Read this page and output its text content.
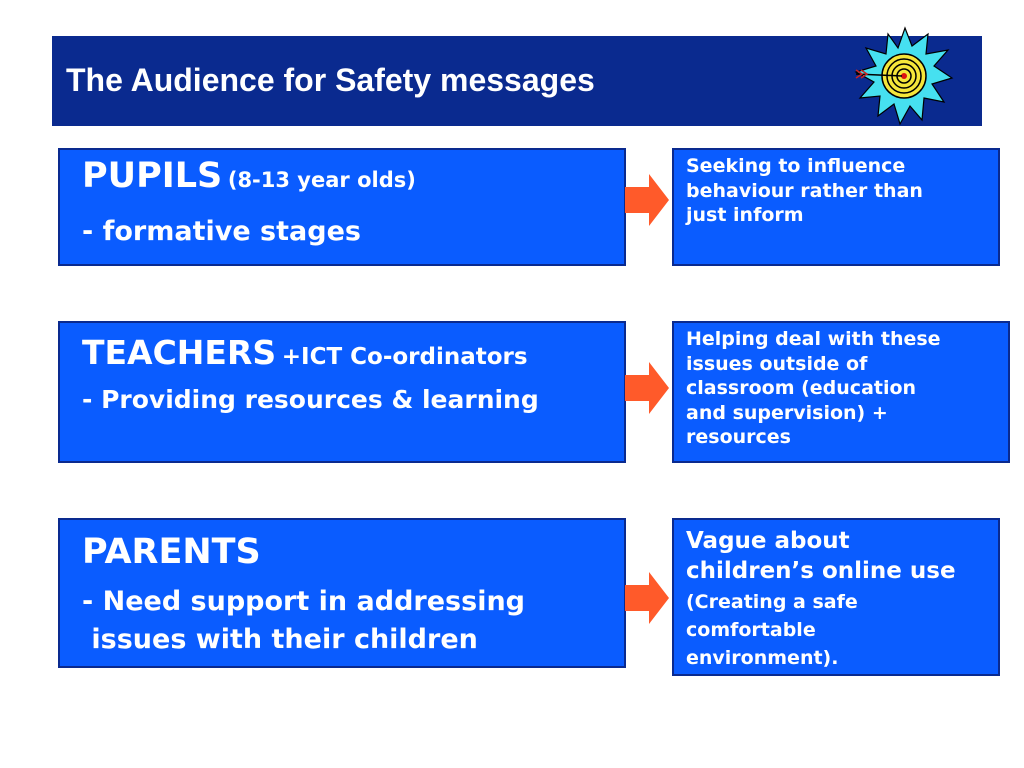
The Audience for Safety messages
PUPILS (8-13 year olds)
- formative stages
Seeking to influence
behaviour rather than
just inform
TEACHERS +ICT Co-ordinators
- Providing resources & learning
Helping deal with these
issues outside of
classroom (education
and supervision) +
resources
PARENTS
- Need support in addressing
issues with their children
Vague about
children’s online use
(Creating a safe
comfortable
environment).
